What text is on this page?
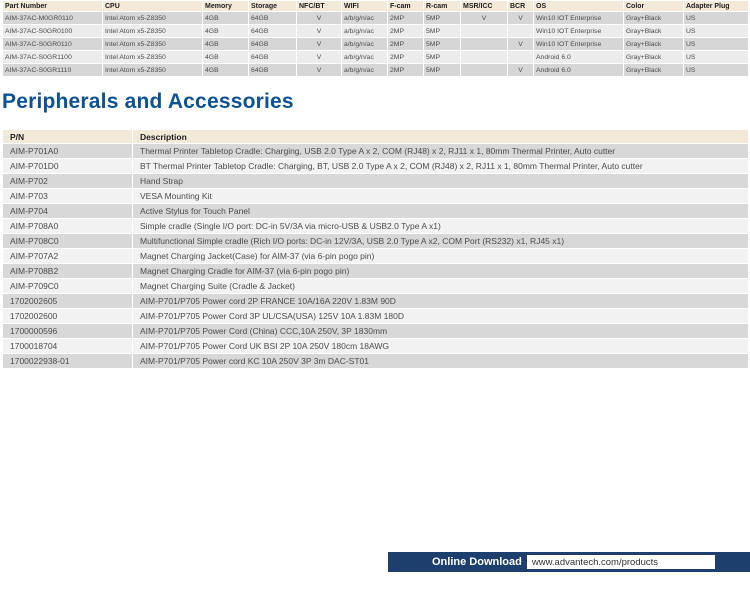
Part Number	CPU	Memory	Storage	NFC/BT	WIFI	F-cam	R-cam	MSR/ICC	BCR	OS	Color	Adapter Plug
AIM-37AC-M0GR0110	Intel Atom x5-Z8350	4GB	64GB	V	a/b/g/n/ac	2MP	5MP	V	V	Win10 IOT Enterprise	Gray+Black	US
AIM-37AC-S0GR0100	Intel Atom x5-Z8350	4GB	64GB	V	a/b/g/n/ac	2MP	5MP			Win10 IOT Enterprise	Gray+Black	US
AIM-37AC-S0GR0110	Intel Atom x5-Z8350	4GB	64GB	V	a/b/g/n/ac	2MP	5MP		V	Win10 IOT Enterprise	Gray+Black	US
AIM-37AC-S0GR1100	Intel Atom x5-Z8350	4GB	64GB	V	a/b/g/n/ac	2MP	5MP			Android 6.0	Gray+Black	US
AIM-37AC-S0GR1110	Intel Atom x5-Z8350	4GB	64GB	V	a/b/g/n/ac	2MP	5MP		V	Android 6.0	Gray+Black	US
Peripherals and Accessories
P/N	Description
AIM-P701A0	Thermal Printer Tabletop Cradle: Charging, USB 2.0 Type A x 2, COM (RJ48) x 2, RJ11 x 1, 80mm Thermal Printer, Auto cutter
AIM-P701D0	BT Thermal Printer Tabletop Cradle: Charging, BT, USB 2.0 Type A x 2, COM (RJ48) x 2, RJ11 x 1, 80mm Thermal Printer, Auto cutter
AIM-P702	Hand Strap
AIM-P703	VESA Mounting Kit
AIM-P704	Active Stylus for Touch Panel
AIM-P708A0	Simple cradle (Single I/O port: DC-in 5V/3A via micro-USB & USB2.0 Type A x1)
AIM-P708C0	Multifunctional Simple cradle (Rich I/O ports: DC-in 12V/3A, USB 2.0 Type A x2, COM Port (RS232) x1, RJ45 x1)
AIM-P707A2	Magnet Charging Jacket(Case) for AIM-37 (via 6-pin pogo pin)
AIM-P708B2	Magnet Charging Cradle for AIM-37 (via 6-pin pogo pin)
AIM-P709C0	Magnet Charging Suite (Cradle & Jacket)
1702002605	AIM-P701/P705 Power cord 2P FRANCE 10A/16A 220V 1.83M 90D
1702002600	AIM-P701/P705 Power Cord 3P UL/CSA(USA) 125V 10A 1.83M 180D
1700000596	AIM-P701/P705 Power Cord (China) CCC,10A 250V, 3P 1830mm
1700018704	AIM-P701/P705 Power Cord UK BSI 2P 10A 250V 180cm 18AWG
1700022938-01	AIM-P701/P705 Power cord KC 10A 250V 3P 3m DAC-ST01
Online Download	www.advantech.com/products
